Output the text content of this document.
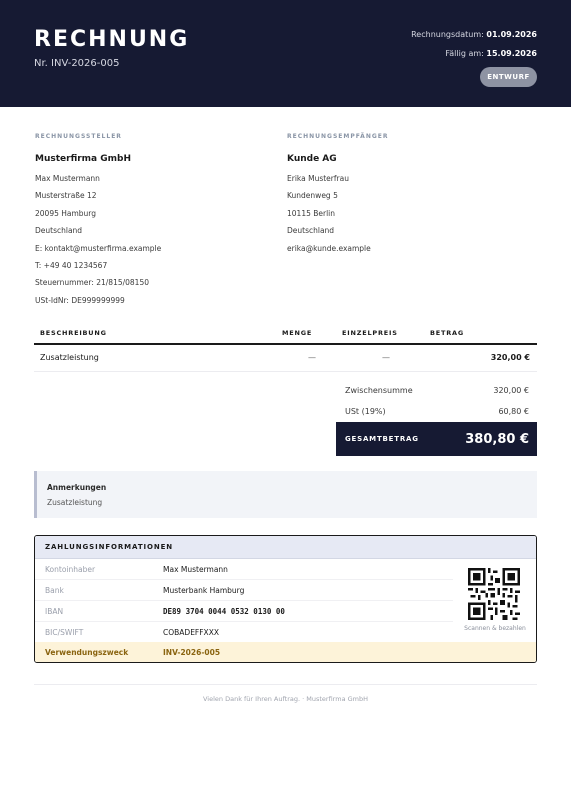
RECHNUNG
Nr. INV-2026-005
Rechnungsdatum: 01.09.2026
Fällig am: 15.09.2026
ENTWURF
RECHNUNGSSTELLER
Musterfirma GmbH
Max Mustermann
Musterstraße 12
20095 Hamburg
Deutschland
E: kontakt@musterfirma.example
T: +49 40 1234567
Steuernummer: 21/815/08150
USt-IdNr: DE999999999
RECHNUNGSEMPFÄNGER
Kunde AG
Erika Musterfrau
Kundenweg 5
10115 Berlin
Deutschland
erika@kunde.example
BESCHREIBUNG	MENGE	EINZELPREIS	BETRAG
Zusatzleistung	—	—	320,00 €
Zwischensumme	320,00 €
USt (19%)	60,80 €
GESAMTBETRAG	380,80 €
Anmerkungen
Zusatzleistung
ZAHLUNGSINFORMATIONEN
Kontoinhaber	Max Mustermann
Bank	Musterbank Hamburg
IBAN	DE89 3704 0044 0532 0130 00
BIC/SWIFT	COBADEFFXXX
Verwendungszweck	INV-2026-005
Scannen & bezahlen
Vielen Dank für Ihren Auftrag. · Musterfirma GmbH
